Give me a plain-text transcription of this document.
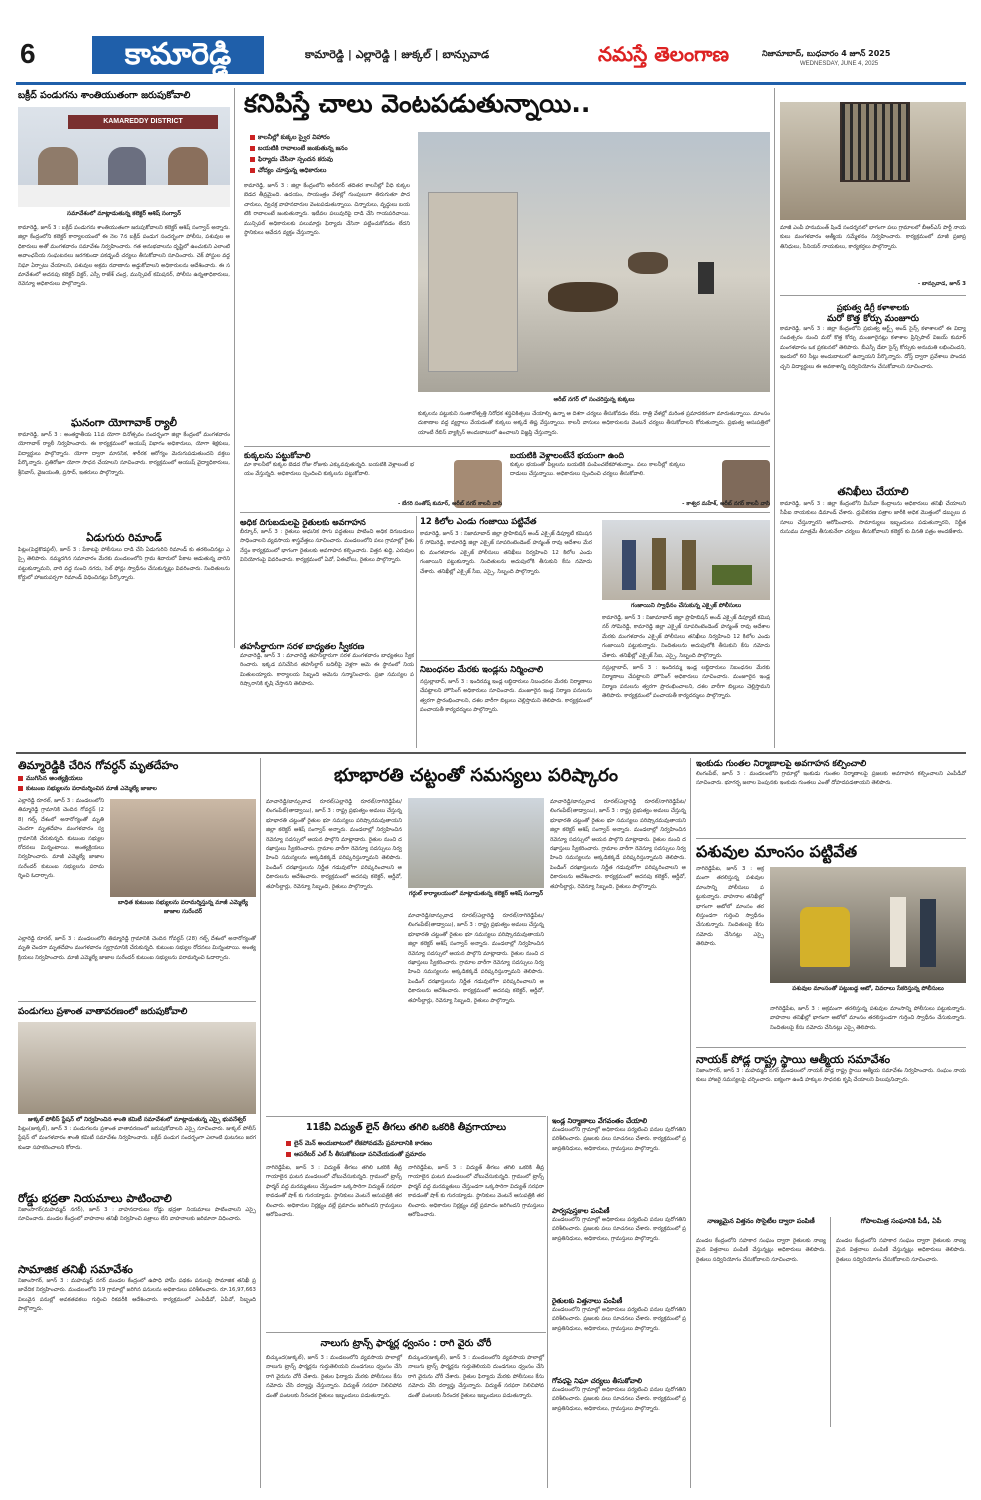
6	కామారెడ్డి	కామారెడ్డి | ఎల్లారెడ్డి | జుక్కల్ | బాన్సువాడ	నమస్తే తెలంగాణ	నిజామాబాద్, బుధవారం 4 జూన్ 2025
WEDNESDAY, JUNE 4, 2025
బక్రీద్ పండుగను శాంతియుతంగా జరుపుకోవాలి
KAMAREDDY DISTRICT
సమావేశంలో మాట్లాడుతున్న కలెక్టర్ ఆశిష్ సంగ్వాన్
కామారెడ్డి, జూన్ 3 : బక్రీద్ పండుగను శాంతియుతంగా జరుపుకోవాలని కలెక్టర్ ఆశిష్ సంగ్వాన్ అన్నారు. జిల్లా కేంద్రంలోని కలెక్టర్ కార్యాలయంలో ఈ నెల 7న బక్రీద్ పండుగ సందర్భంగా పోలీసు, పశువుల అధికారులు అతో మంగళవారం సమావేశం నిర్వహించారు. గత అనుభవాలను దృష్టిలో ఉంచుకుని ఎలాంటి అవాంఛనీయ సంఘటనలు జరగకుండా పకడ్బందీ చర్యలు తీసుకోవాలని సూచించారు. చెక్ పోస్టుల వద్ద నిఘా ఏర్పాటు చేయాలని, పశువుల అక్రమ రవాణాను అడ్డుకోవాలని అధికారులను ఆదేశించారు. ఈ సమావేశంలో అదనపు కలెక్టర్ విక్టర్, ఎస్పీ రాజేశ్ చంద్ర, మున్సిపల్ కమిషనర్, పోలీసు ఉన్నతాధికారులు, రెవెన్యూ అధికారులు పాల్గొన్నారు.
ఘనంగా యోగావాక్ ర్యాలీ
కామారెడ్డి, జూన్ 3 : అంతర్జాతీయ 11వ యోగా దినోత్సవం సందర్భంగా జిల్లా కేంద్రంలో మంగళవారం యోగావాక్ ర్యాలీ నిర్వహించారు. ఈ కార్యక్రమంలో ఆయుష్ విభాగం అధికారులు, యోగా శిక్షకులు, విద్యార్థులు పాల్గొన్నారు. యోగా ద్వారా మానసిక, శారీరక ఆరోగ్యం మెరుగుపడుతుందని వక్తలు పేర్కొన్నారు. ప్రతిరోజూ యోగా సాధన చేయాలని సూచించారు. కార్యక్రమంలో ఆయుష్ వైద్యాధికారులు, శ్రీనివాస్, వైజయంతి, ప్రసాద్, ఇతరులు పాల్గొన్నారు.
ఏడుగురు రిమాండ్
పిట్లం(పెద్దకొడప్గల్), జూన్ 3 : పేకాటపై పోలీసులు దాడి చేసి ఏడుగురిని రిమాండ్ కు తరలించినట్లు ఎస్సై తెలిపారు. నమ్మదగిన సమాచారం మేరకు మండలంలోని గ్రామ శివారులో పేకాట ఆడుతున్న వారిని పట్టుకున్నామని, వారి వద్ద నుంచి నగదు, సెల్ ఫోన్లు స్వాధీనం చేసుకున్నట్లు వివరించారు. నిందితులను కోర్టులో హాజరుపర్చగా రిమాండ్ విధించినట్లు పేర్కొన్నారు.
కనిపిస్తే చాలు వెంటపడుతున్నాయి..
కాలనీల్లో కుక్కల స్వైర విహారం
బయటికి రావాలంటే జంకుతున్న జనం
ఫిర్యాదు చేసినా స్పందన కరువు
చోద్యం చూస్తున్న అధికారులు
కామారెడ్డి, జూన్ 3 : జిల్లా కేంద్రంలోని అరీనగర్ తదితర కాలనీల్లో వీధి కుక్కల బెడద తీవ్రమైంది. ఉదయం, సాయంత్రం వేళల్లో గుంపులుగా తిరుగుతూ పాదచారులు, ద్విచక్ర వాహనదారుల వెంటపడుతున్నాయి. చిన్నారులు, వృద్ధులు బయటికి రావాలంటే జంకుతున్నారు. ఇటీవల పలువురిపై దాడి చేసి గాయపరిచాయి. మున్సిపల్ అధికారులకు పలుమార్లు ఫిర్యాదు చేసినా పట్టించుకోవడం లేదని స్థానికులు ఆవేదన వ్యక్తం చేస్తున్నారు.
అరీబ్ నగర్ లో సంచరిస్తున్న కుక్కలు
కుక్కలను పట్టుకుని సంతానోత్పత్తి నిరోధక శస్త్రచికిత్సలు చేయాల్సి ఉన్నా ఆ దిశగా చర్యలు తీసుకోవడం లేదు. రాత్రి వేళల్లో మరింత ప్రమాదకరంగా మారుతున్నాయి. మాంసం దుకాణాల వద్ద వ్యర్థాలు వేయడంతో కుక్కలు అక్కడే తిష్ట వేస్తున్నాయి. కాలనీ వాసులు అధికారులను వెంటనే చర్యలు తీసుకోవాలని కోరుతున్నారు. ప్రభుత్వ ఆసుపత్రిలో యాంటీ రేబిస్ వ్యాక్సిన్ అందుబాటులో ఉంచాలని విజ్ఞప్తి చేస్తున్నారు.
కుక్కలను పట్టుకోవాలి
మా కాలనీలో కుక్కల బెడద రోజు రోజుకు ఎక్కువవుతున్నది. బయటికి వెళ్లాలంటే భయం వేస్తున్నది. అధికారులు స్పందించి కుక్కలను పట్టుకోవాలి.
బయటికి వెళ్లాలంటేనే భయంగా ఉంది
కుక్కల భయంతో పిల్లలను బయటికి పంపించలేకపోతున్నాం. పలు కాలనీల్లో కుక్కలు దాడులు చేస్తున్నాయి. అధికారులు స్పందించి చర్యలు తీసుకోవాలి.
- బేగరి సంతోష్ కుమార్, అరీబ్ నగర్ కాలనీ వాసి	- కాశ్వర మహేశ్, అరీబ్ నగర్ కాలనీ వాసి
మాజీ ఎంపీ హనుమంత్ షిండే సందర్శనలో భాగంగా పలు గ్రామాలలో బీఆర్ఎస్ పార్టీ నాయకులు మంగళవారం ఆత్మీయ సమ్మేళనం నిర్వహించారు. కార్యక్రమంలో మాజీ ప్రజాప్రతినిధులు, సీనియర్ నాయకులు, కార్యకర్తలు పాల్గొన్నారు.
- బాన్సువాడ, జూన్ 3
ప్రభుత్వ డిగ్రీ కళాశాలకు
మరో కొత్త కోర్సు మంజూరు
కామారెడ్డి, జూన్ 3 : జిల్లా కేంద్రంలోని ప్రభుత్వ ఆర్ట్స్ అండ్ సైన్స్ కళాశాలలో ఈ విద్యా సంవత్సరం నుంచి మరో కొత్త కోర్సు మంజూరైనట్లు కళాశాల ప్రిన్సిపాల్ విజయ్ కుమార్ మంగళవారం ఒక ప్రకటనలో తెలిపారు. బీఎస్సీ డేటా సైన్స్ కోర్సుకు అనుమతి లభించిందని, ఇందులో 60 సీట్లు అందుబాటులో ఉన్నాయని పేర్కొన్నారు. దోస్త్ ద్వారా ప్రవేశాలు పొందవచ్చని విద్యార్థులు ఈ అవకాశాన్ని సద్వినియోగం చేసుకోవాలని సూచించారు.
తనిఖీలు చేయాలి
కామారెడ్డి, జూన్ 3 : జిల్లా కేంద్రంలోని మీసేవా కేంద్రాలను అధికారులు తనిఖీ చేయాలని సీపీఐ నాయకులు డిమాండ్ చేశారు. ధ్రువీకరణ పత్రాల జారీకి అధిక మొత్తంలో డబ్బులు వసూలు చేస్తున్నారని ఆరోపించారు. సామాన్యులు ఇబ్బందులు పడుతున్నారని, నిర్ణీత రుసుము మాత్రమే తీసుకునేలా చర్యలు తీసుకోవాలని కలెక్టర్ కు వినతి పత్రం అందజేశారు.
అధిక దిగుబడులపై రైతులకు అవగాహన
బీర్కూర్, జూన్ 3 : రైతులు ఆధునిక సాగు పద్ధతులు పాటించి అధిక దిగుబడులు సాధించాలని వ్యవసాయ శాస్త్రవేత్తలు సూచించారు. మండలంలోని పలు గ్రామాల్లో రైతు నేస్తం కార్యక్రమంలో భాగంగా రైతులకు అవగాహన కల్పించారు. విత్తన శుద్ధి, ఎరువుల వినియోగంపై వివరించారు. కార్యక్రమంలో ఏవో, ఏఈవోలు, రైతులు పాల్గొన్నారు.
తహసీల్దారుగా సరళ బాధ్యతల స్వీకరణ
మాచారెడ్డి, జూన్ 3 : మాచారెడ్డి తహసీల్దారుగా సరళ మంగళవారం బాధ్యతలు స్వీకరించారు. ఇక్కడ పనిచేసిన తహసీల్దార్ బదిలీపై వెళ్లగా ఆమె ఈ స్థానంలో నియమితులయ్యారు. కార్యాలయ సిబ్బంది ఆమెను సన్మానించారు. ప్రజా సమస్యల పరిష్కారానికి కృషి చేస్తానని తెలిపారు.
12 కిలోల ఎండు గంజాయి పట్టివేత
కామారెడ్డి, జూన్ 3 : నిజామాబాద్ జిల్లా ప్రొహిబిషన్ అండ్ ఎక్సైజ్ డిప్యూటీ కమిషనర్ సోమిరెడ్డి, కామారెడ్డి జిల్లా ఎక్సైజ్ సూపరింటెండెంట్ హన్మంత్ రావు ఆదేశాల మేరకు మంగళవారం ఎక్సైజ్ పోలీసులు తనిఖీలు నిర్వహించి 12 కిలోల ఎండు గంజాయిని పట్టుకున్నారు. నిందితులను అదుపులోకి తీసుకుని కేసు నమోదు చేశారు. తనిఖీల్లో ఎక్సైజ్ సీఐ, ఎస్సై, సిబ్బంది పాల్గొన్నారు.
గంజాయిని స్వాధీనం చేసుకున్న ఎక్సైజ్ పోలీసులు
కామారెడ్డి, జూన్ 3 : నిజామాబాద్ జిల్లా ప్రొహిబిషన్ అండ్ ఎక్సైజ్ డిప్యూటీ కమిషనర్ సోమిరెడ్డి, కామారెడ్డి జిల్లా ఎక్సైజ్ సూపరింటెండెంట్ హన్మంత్ రావు ఆదేశాల మేరకు మంగళవారం ఎక్సైజ్ పోలీసులు తనిఖీలు నిర్వహించి 12 కిలోల ఎండు గంజాయిని పట్టుకున్నారు. నిందితులను అదుపులోకి తీసుకుని కేసు నమోదు చేశారు. తనిఖీల్లో ఎక్సైజ్ సీఐ, ఎస్సై, సిబ్బంది పాల్గొన్నారు.
నిబంధనల మేరకు ఇండ్లను నిర్మించాలి
నస్రుల్లాబాద్, జూన్ 3 : ఇందిరమ్మ ఇండ్ల లబ్ధిదారులు నిబంధనల మేరకు నిర్మాణాలు చేపట్టాలని హౌసింగ్ అధికారులు సూచించారు. మంజూరైన ఇండ్ల నిర్మాణ పనులను త్వరగా ప్రారంభించాలని, దశల వారీగా బిల్లులు చెల్లిస్తామని తెలిపారు. కార్యక్రమంలో పంచాయతీ కార్యదర్శులు పాల్గొన్నారు.
నస్రుల్లాబాద్, జూన్ 3 : ఇందిరమ్మ ఇండ్ల లబ్ధిదారులు నిబంధనల మేరకు నిర్మాణాలు చేపట్టాలని హౌసింగ్ అధికారులు సూచించారు. మంజూరైన ఇండ్ల నిర్మాణ పనులను త్వరగా ప్రారంభించాలని, దశల వారీగా బిల్లులు చెల్లిస్తామని తెలిపారు. కార్యక్రమంలో పంచాయతీ కార్యదర్శులు పాల్గొన్నారు.
తిమ్మారెడ్డికి చేరిన గోవర్ధన్ మృతదేహం
ముగిసిన అంత్యక్రియలు
కుటుంబ సభ్యులను పరామర్శించిన మాజీ ఎమ్మెల్యే జాజాల
ఎల్లారెడ్డి రూరల్, జూన్ 3 : మండలంలోని తిమ్మారెడ్డి గ్రామానికి చెందిన గోవర్ధన్ (28) గల్ఫ్ దేశంలో అనారోగ్యంతో మృతి చెందగా మృతదేహం మంగళవారం స్వగ్రామానికి చేరుకున్నది. కుటుంబ సభ్యుల రోదనలు మిన్నంటాయి. అంత్యక్రియలు నిర్వహించారు. మాజీ ఎమ్మెల్యే జాజాల సురేందర్ కుటుంబ సభ్యులను పరామర్శించి ఓదార్చారు.
బాధిత కుటుంబ సభ్యులను పరామర్శిస్తున్న మాజీ ఎమ్మెల్యే జాజాల సురేందర్
ఎల్లారెడ్డి రూరల్, జూన్ 3 : మండలంలోని తిమ్మారెడ్డి గ్రామానికి చెందిన గోవర్ధన్ (28) గల్ఫ్ దేశంలో అనారోగ్యంతో మృతి చెందగా మృతదేహం మంగళవారం స్వగ్రామానికి చేరుకున్నది. కుటుంబ సభ్యుల రోదనలు మిన్నంటాయి. అంత్యక్రియలు నిర్వహించారు. మాజీ ఎమ్మెల్యే జాజాల సురేందర్ కుటుంబ సభ్యులను పరామర్శించి ఓదార్చారు.
పండుగలు ప్రశాంత వాతావరణంలో జరుపుకోవాలి
జుక్కల్ పోలీస్ స్టేషన్ లో నిర్వహించిన శాంతి కమిటీ సమావేశంలో మాట్లాడుతున్న ఎస్సై భువనేశ్వర్
పిట్లం(జుక్కల్), జూన్ 3 : పండుగలను ప్రశాంత వాతావరణంలో జరుపుకోవాలని ఎస్సై సూచించారు. జుక్కల్ పోలీస్ స్టేషన్ లో మంగళవారం శాంతి కమిటీ సమావేశం నిర్వహించారు. బక్రీద్ పండుగ సందర్భంగా ఎలాంటి ఘటనలు జరగకుండా సహకరించాలని కోరారు.
రోడ్డు భద్రతా నియమాలు పాటించాలి
నిజాంసాగర్(మహమ్మద్ నగర్), జూన్ 3 : వాహనదారులు రోడ్డు భద్రతా నియమాలు పాటించాలని ఎస్సై సూచించారు. మండల కేంద్రంలో వాహనాల తనిఖీ నిర్వహించి పత్రాలు లేని వాహనాలకు జరిమానా విధించారు.
సామాజిక తనిఖీ సమావేశం
నిజాంసాగర్, జూన్ 3 : మహమ్మద్ నగర్ మండల కేంద్రంలో ఉపాధి హామీ పథకం పనులపై సామాజిక తనిఖీ ప్రజావేదిక నిర్వహించారు. మండలంలోని 19 గ్రామాల్లో జరిగిన పనులను అధికారులు పరిశీలించారు. రూ.16,97,663 విలువైన పనుల్లో అవకతవకలు గుర్తించి రికవరీకి ఆదేశించారు. కార్యక్రమంలో ఎంపీడీవో, ఏపీవో, సిబ్బంది పాల్గొన్నారు.
భూభారతి చట్టంతో సమస్యలు పరిష్కారం
మాచారెడ్డి/బాన్సువాడ రూరల్/ఎల్లారెడ్డి రూరల్/నాగిరెడ్డిపేట/లింగంపేట్(తాడ్వాయి), జూన్ 3 : రాష్ట్ర ప్రభుత్వం అమలు చేస్తున్న భూభారతి చట్టంతో రైతుల భూ సమస్యలు పరిష్కారమవుతాయని జిల్లా కలెక్టర్ ఆశిష్ సంగ్వాన్ అన్నారు. మండలాల్లో నిర్వహించిన రెవెన్యూ సదస్సులో ఆయన పాల్గొని మాట్లాడారు. రైతుల నుంచి దరఖాస్తులు స్వీకరించారు. గ్రామాల వారీగా రెవెన్యూ సదస్సులు నిర్వహించి సమస్యలను అక్కడికక్కడే పరిష్కరిస్తున్నామని తెలిపారు. పెండింగ్ దరఖాస్తులను నిర్ణీత గడువులోగా పరిష్కరించాలని అధికారులను ఆదేశించారు. కార్యక్రమంలో అదనపు కలెక్టర్, ఆర్డీవో, తహసీల్దార్లు, రెవెన్యూ సిబ్బంది, రైతులు పాల్గొన్నారు.
గర్గుల్ కార్యాలయంలో మాట్లాడుతున్న కలెక్టర్ ఆశిష్ సంగ్వాన్
మాచారెడ్డి/బాన్సువాడ రూరల్/ఎల్లారెడ్డి రూరల్/నాగిరెడ్డిపేట/లింగంపేట్(తాడ్వాయి), జూన్ 3 : రాష్ట్ర ప్రభుత్వం అమలు చేస్తున్న భూభారతి చట్టంతో రైతుల భూ సమస్యలు పరిష్కారమవుతాయని జిల్లా కలెక్టర్ ఆశిష్ సంగ్వాన్ అన్నారు. మండలాల్లో నిర్వహించిన రెవెన్యూ సదస్సులో ఆయన పాల్గొని మాట్లాడారు. రైతుల నుంచి దరఖాస్తులు స్వీకరించారు. గ్రామాల వారీగా రెవెన్యూ సదస్సులు నిర్వహించి సమస్యలను అక్కడికక్కడే పరిష్కరిస్తున్నామని తెలిపారు. పెండింగ్ దరఖాస్తులను నిర్ణీత గడువులోగా పరిష్కరించాలని అధికారులను ఆదేశించారు. కార్యక్రమంలో అదనపు కలెక్టర్, ఆర్డీవో, తహసీల్దార్లు, రెవెన్యూ సిబ్బంది, రైతులు పాల్గొన్నారు.
మాచారెడ్డి/బాన్సువాడ రూరల్/ఎల్లారెడ్డి రూరల్/నాగిరెడ్డిపేట/లింగంపేట్(తాడ్వాయి), జూన్ 3 : రాష్ట్ర ప్రభుత్వం అమలు చేస్తున్న భూభారతి చట్టంతో రైతుల భూ సమస్యలు పరిష్కారమవుతాయని జిల్లా కలెక్టర్ ఆశిష్ సంగ్వాన్ అన్నారు. మండలాల్లో నిర్వహించిన రెవెన్యూ సదస్సులో ఆయన పాల్గొని మాట్లాడారు. రైతుల నుంచి దరఖాస్తులు స్వీకరించారు. గ్రామాల వారీగా రెవెన్యూ సదస్సులు నిర్వహించి సమస్యలను అక్కడికక్కడే పరిష్కరిస్తున్నామని తెలిపారు. పెండింగ్ దరఖాస్తులను నిర్ణీత గడువులోగా పరిష్కరించాలని అధికారులను ఆదేశించారు. కార్యక్రమంలో అదనపు కలెక్టర్, ఆర్డీవో, తహసీల్దార్లు, రెవెన్యూ సిబ్బంది, రైతులు పాల్గొన్నారు.
11కేవీ విద్యుత్ లైన్ తీగలు తగిలి ఒకరికి తీవ్రగాయాలు
లైన్ మెన్ అందుబాటులో లేకపోవడమే ప్రమాదానికి కారణం
ఆపరేటర్ ఎల్ సీ తీసుకోకుండా పనిచేయడంతో ప్రమాదం
నాగిరెడ్డిపేట, జూన్ 3 : విద్యుత్ తీగలు తగిలి ఒకరికి తీవ్రగాయాలైన ఘటన మండలంలో చోటుచేసుకున్నది. గ్రామంలో ట్రాన్స్ ఫార్మర్ వద్ద మరమ్మతులు చేస్తుండగా ఒక్కసారిగా విద్యుత్ సరఫరా కావడంతో షాక్ కు గురయ్యాడు. స్థానికులు వెంటనే ఆసుపత్రికి తరలించారు. అధికారుల నిర్లక్ష్యం వల్లే ప్రమాదం జరిగిందని గ్రామస్తులు ఆరోపించారు.
నాగిరెడ్డిపేట, జూన్ 3 : విద్యుత్ తీగలు తగిలి ఒకరికి తీవ్రగాయాలైన ఘటన మండలంలో చోటుచేసుకున్నది. గ్రామంలో ట్రాన్స్ ఫార్మర్ వద్ద మరమ్మతులు చేస్తుండగా ఒక్కసారిగా విద్యుత్ సరఫరా కావడంతో షాక్ కు గురయ్యాడు. స్థానికులు వెంటనే ఆసుపత్రికి తరలించారు. అధికారుల నిర్లక్ష్యం వల్లే ప్రమాదం జరిగిందని గ్రామస్తులు ఆరోపించారు.
నాలుగు ట్రాన్స్ ఫార్మర్ల ధ్వంసం : రాగి వైరు చోరీ
బిచ్కుంద(జుక్కల్), జూన్ 3 : మండలంలోని వ్యవసాయ పొలాల్లో నాలుగు ట్రాన్స్ ఫార్మర్లను గుర్తుతెలియని దుండగులు ధ్వంసం చేసి రాగి వైరును చోరీ చేశారు. రైతుల ఫిర్యాదు మేరకు పోలీసులు కేసు నమోదు చేసి దర్యాప్తు చేస్తున్నారు. విద్యుత్ సరఫరా నిలిచిపోవడంతో పంటలకు నీరందక రైతులు ఇబ్బందులు పడుతున్నారు.
బిచ్కుంద(జుక్కల్), జూన్ 3 : మండలంలోని వ్యవసాయ పొలాల్లో నాలుగు ట్రాన్స్ ఫార్మర్లను గుర్తుతెలియని దుండగులు ధ్వంసం చేసి రాగి వైరును చోరీ చేశారు. రైతుల ఫిర్యాదు మేరకు పోలీసులు కేసు నమోదు చేసి దర్యాప్తు చేస్తున్నారు. విద్యుత్ సరఫరా నిలిచిపోవడంతో పంటలకు నీరందక రైతులు ఇబ్బందులు పడుతున్నారు.
ఇండ్ల నిర్మాణాలు వేగవంతం చేయాలి
మండలంలోని గ్రామాల్లో అధికారులు పర్యటించి పనుల పురోగతిని పరిశీలించారు. ప్రజలకు పలు సూచనలు చేశారు. కార్యక్రమంలో ప్రజాప్రతినిధులు, అధికారులు, గ్రామస్తులు పాల్గొన్నారు.
పార్వపుస్తకాల పంపిణీ
మండలంలోని గ్రామాల్లో అధికారులు పర్యటించి పనుల పురోగతిని పరిశీలించారు. ప్రజలకు పలు సూచనలు చేశారు. కార్యక్రమంలో ప్రజాప్రతినిధులు, అధికారులు, గ్రామస్తులు పాల్గొన్నారు.
రైతులకు విత్తనాలు పంపిణీ
మండలంలోని గ్రామాల్లో అధికారులు పర్యటించి పనుల పురోగతిని పరిశీలించారు. ప్రజలకు పలు సూచనలు చేశారు. కార్యక్రమంలో ప్రజాప్రతినిధులు, అధికారులు, గ్రామస్తులు పాల్గొన్నారు.
గోవధపై నిఘా చర్యలు తీసుకోవాలి
మండలంలోని గ్రామాల్లో అధికారులు పర్యటించి పనుల పురోగతిని పరిశీలించారు. ప్రజలకు పలు సూచనలు చేశారు. కార్యక్రమంలో ప్రజాప్రతినిధులు, అధికారులు, గ్రామస్తులు పాల్గొన్నారు.
ఇంకుడు గుంతల నిర్మాణాలపై అవగాహన కల్పించాలి
లింగంపేట్, జూన్ 3 : మండలంలోని గ్రామాల్లో ఇంకుడు గుంతల నిర్మాణాలపై ప్రజలకు అవగాహన కల్పించాలని ఎంపీడీవో సూచించారు. భూగర్భ జలాల పెంపునకు ఇంకుడు గుంతలు ఎంతో దోహదపడతాయని తెలిపారు.
పశువుల మాంసం పట్టివేత
నాగిరెడ్డిపేట, జూన్ 3 : అక్రమంగా తరలిస్తున్న పశువుల మాంసాన్ని పోలీసులు పట్టుకున్నారు. వాహనాల తనిఖీల్లో భాగంగా ఆటోలో మాంసం తరలిస్తుండగా గుర్తించి స్వాధీనం చేసుకున్నారు. నిందితులపై కేసు నమోదు చేసినట్లు ఎస్సై తెలిపారు.
పశువుల మాంసంతో పట్టుబడ్డ ఆటో, వివరాలు సేకరిస్తున్న పోలీసులు
నాగిరెడ్డిపేట, జూన్ 3 : అక్రమంగా తరలిస్తున్న పశువుల మాంసాన్ని పోలీసులు పట్టుకున్నారు. వాహనాల తనిఖీల్లో భాగంగా ఆటోలో మాంసం తరలిస్తుండగా గుర్తించి స్వాధీనం చేసుకున్నారు. నిందితులపై కేసు నమోదు చేసినట్లు ఎస్సై తెలిపారు.
నాయక్ పోడ్ల రాష్ట్ర స్థాయి ఆత్మీయ సమావేశం
నిజాంసాగర్, జూన్ 3 : మహమ్మద్ నగర్ మండలంలో నాయక్ పోడ్ల రాష్ట్ర స్థాయి ఆత్మీయ సమావేశం నిర్వహించారు. సంఘం నాయకులు హాజరై సమస్యలపై చర్చించారు. ఐక్యంగా ఉండి హక్కుల సాధనకు కృషి చేయాలని పిలుపునిచ్చారు.
నాణ్యమైన విత్తనం సొసైటీల ద్వారా పంపిణీ
మండల కేంద్రంలోని సహకార సంఘం ద్వారా రైతులకు నాణ్యమైన విత్తనాలు పంపిణీ చేస్తున్నట్లు అధికారులు తెలిపారు. రైతులు సద్వినియోగం చేసుకోవాలని సూచించారు.
గోపాలమిత్ర సంఘానికి పీడీ, ఏపీ
మండల కేంద్రంలోని సహకార సంఘం ద్వారా రైతులకు నాణ్యమైన విత్తనాలు పంపిణీ చేస్తున్నట్లు అధికారులు తెలిపారు. రైతులు సద్వినియోగం చేసుకోవాలని సూచించారు.
